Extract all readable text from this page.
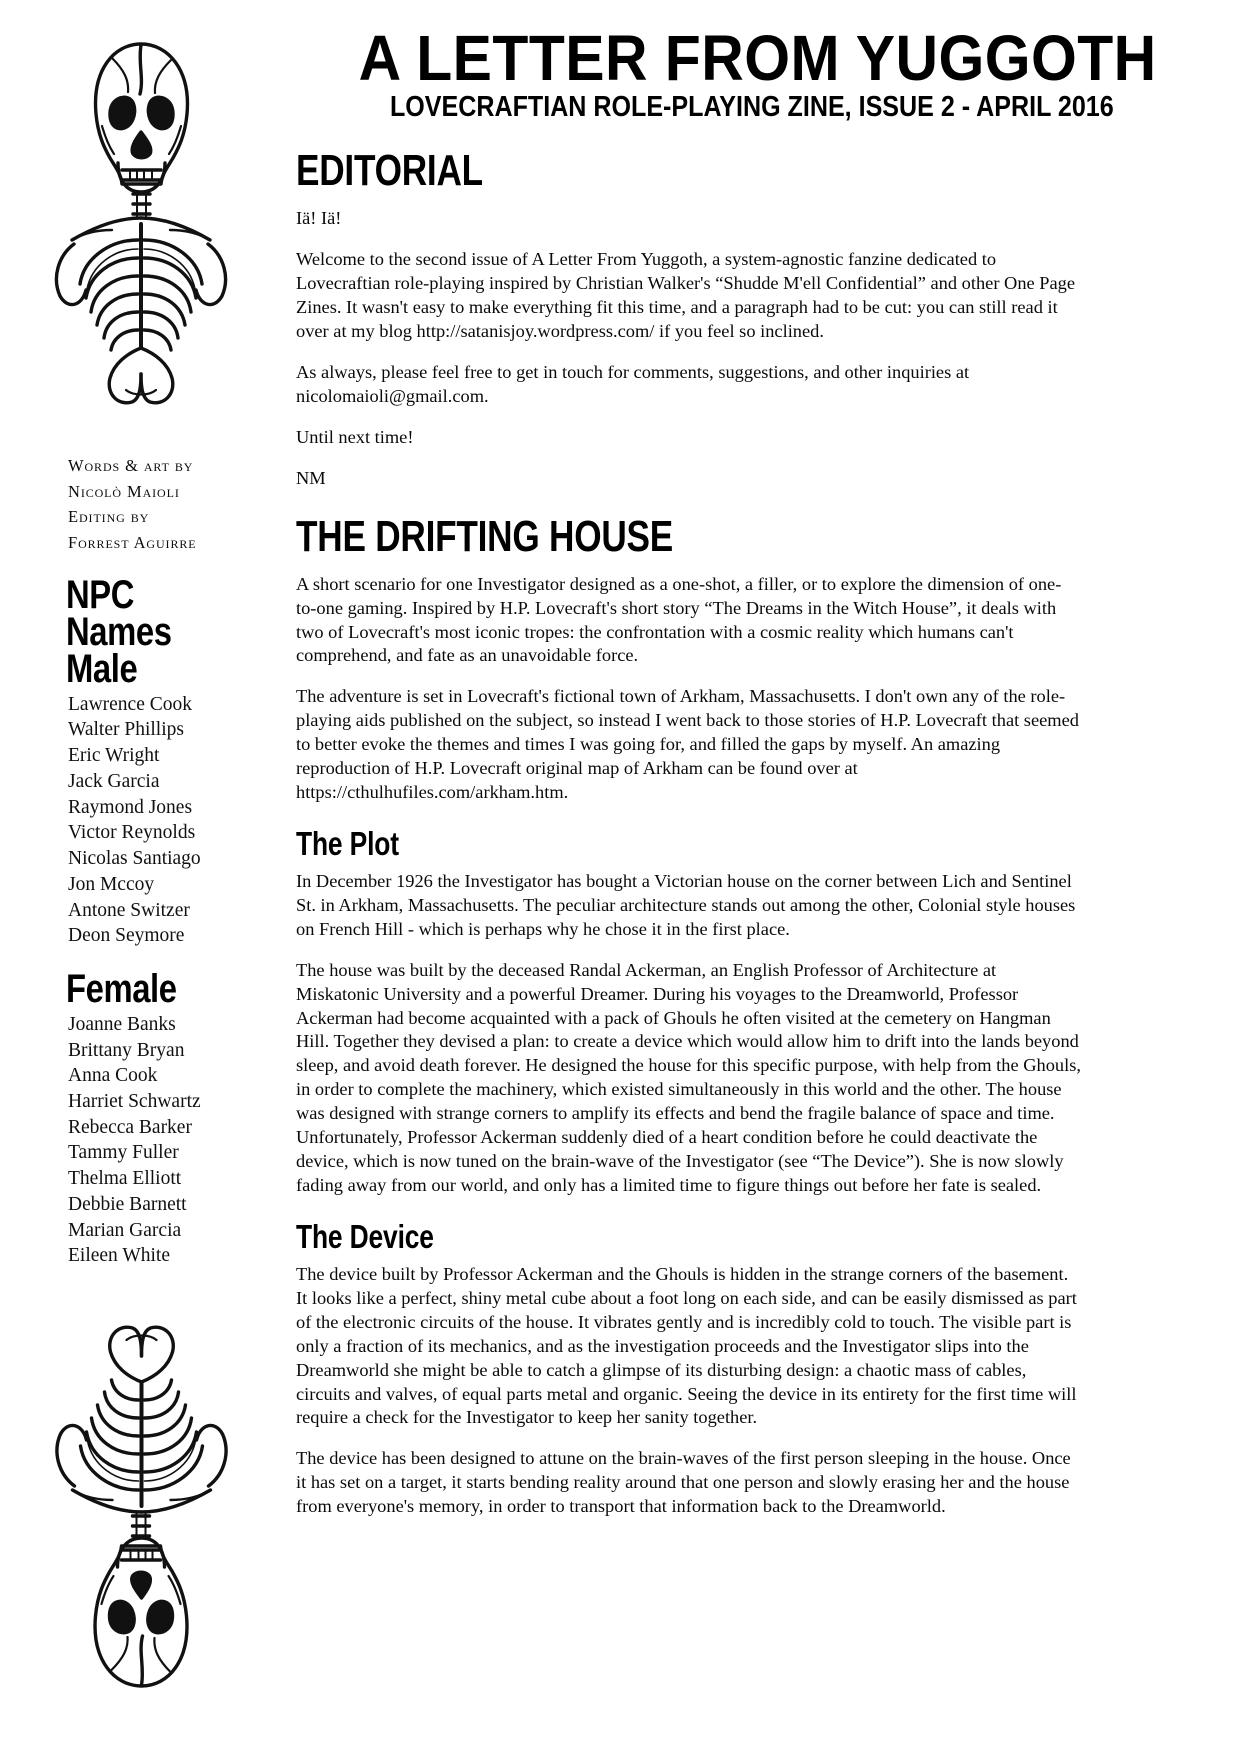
Words & art by
Nicolò Maioli
Editing by
Forrest Aguirre
NPC Names
Male
Lawrence Cook
Walter Phillips
Eric Wright
Jack Garcia
Raymond Jones
Victor Reynolds
Nicolas Santiago
Jon Mccoy
Antone Switzer
Deon Seymore
Female
Joanne Banks
Brittany Bryan
Anna Cook
Harriet Schwartz
Rebecca Barker
Tammy Fuller
Thelma Elliott
Debbie Barnett
Marian Garcia
Eileen White
A LETTER FROM YUGGOTH
LOVECRAFTIAN ROLE-PLAYING ZINE, ISSUE 2 - APRIL 2016
EDITORIAL

Iä! Iä!

Welcome to the second issue of A Letter From Yuggoth, a system-agnostic fanzine dedicated to Lovecraftian role-playing inspired by Christian Walker's “Shudde M'ell Confidential” and other One Page Zines. It wasn't easy to make everything fit this time, and a paragraph had to be cut: you can still read it over at my blog http://satanisjoy.wordpress.com/ if you feel so inclined.

As always, please feel free to get in touch for comments, suggestions, and other inquiries at nicolomaioli@gmail.com.

Until next time!

NM

THE DRIFTING HOUSE

A short scenario for one Investigator designed as a one-shot, a filler, or to explore the dimension of one-to-one gaming. Inspired by H.P. Lovecraft's short story “The Dreams in the Witch House”, it deals with two of Lovecraft's most iconic tropes: the confrontation with a cosmic reality which humans can't comprehend, and fate as an unavoidable force.

The adventure is set in Lovecraft's fictional town of Arkham, Massachusetts. I don't own any of the role-playing aids published on the subject, so instead I went back to those stories of H.P. Lovecraft that seemed to better evoke the themes and times I was going for, and filled the gaps by myself. An amazing reproduction of H.P. Lovecraft original map of Arkham can be found over at https://cthulhufiles.com/arkham.htm.

The Plot

In December 1926 the Investigator has bought a Victorian house on the corner between Lich and Sentinel St. in Arkham, Massachusetts. The peculiar architecture stands out among the other, Colonial style houses on French Hill - which is perhaps why he chose it in the first place.

The house was built by the deceased Randal Ackerman, an English Professor of Architecture at Miskatonic University and a powerful Dreamer. During his voyages to the Dreamworld, Professor Ackerman had become acquainted with a pack of Ghouls he often visited at the cemetery on Hangman Hill. Together they devised a plan: to create a device which would allow him to drift into the lands beyond sleep, and avoid death forever. He designed the house for this specific purpose, with help from the Ghouls, in order to complete the machinery, which existed simultaneously in this world and the other. The house was designed with strange corners to amplify its effects and bend the fragile balance of space and time. Unfortunately, Professor Ackerman suddenly died of a heart condition before he could deactivate the device, which is now tuned on the brain-wave of the Investigator (see “The Device”). She is now slowly fading away from our world, and only has a limited time to figure things out before her fate is sealed.

The Device

The device built by Professor Ackerman and the Ghouls is hidden in the strange corners of the basement. It looks like a perfect, shiny metal cube about a foot long on each side, and can be easily dismissed as part of the electronic circuits of the house. It vibrates gently and is incredibly cold to touch. The visible part is only a fraction of its mechanics, and as the investigation proceeds and the Investigator slips into the Dreamworld she might be able to catch a glimpse of its disturbing design: a chaotic mass of cables, circuits and valves, of equal parts metal and organic. Seeing the device in its entirety for the first time will require a check for the Investigator to keep her sanity together.

The device has been designed to attune on the brain-waves of the first person sleeping in the house. Once it has set on a target, it starts bending reality around that one person and slowly erasing her and the house from everyone's memory, in order to transport that information back to the Dreamworld.
